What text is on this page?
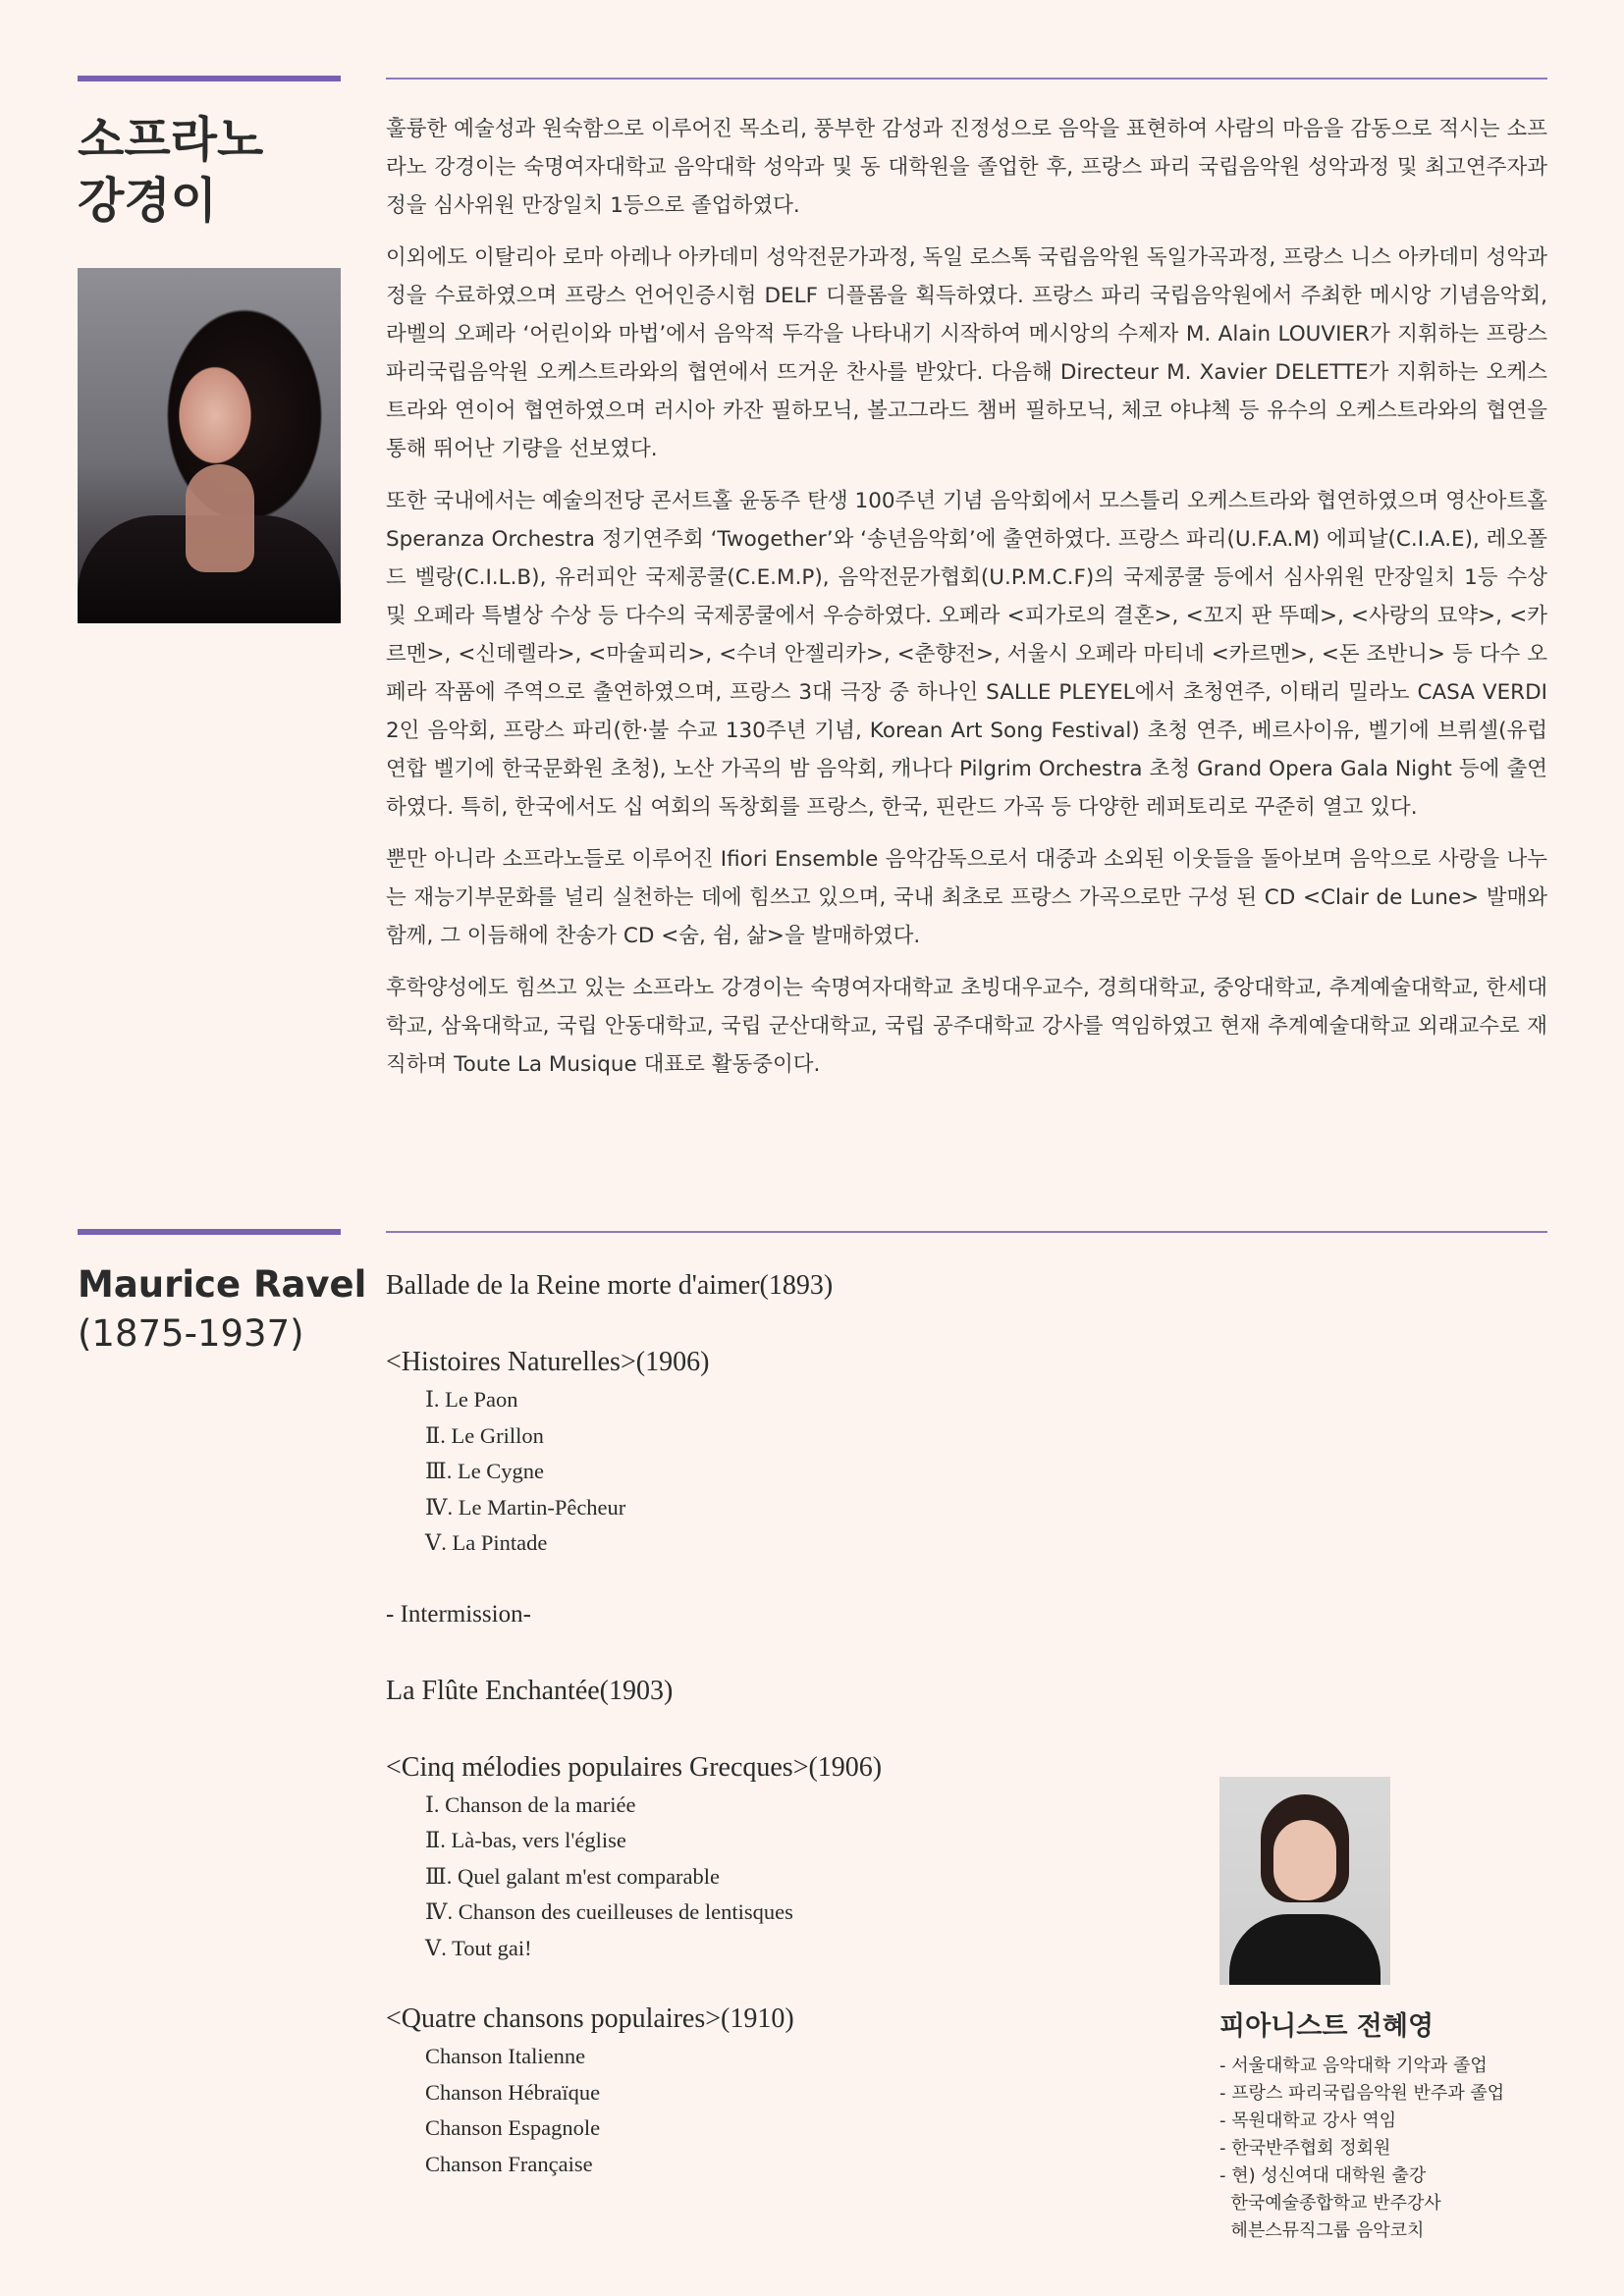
소프라노
강경이

훌륭한 예술성과 원숙함으로 이루어진 목소리, 풍부한 감성과 진정성으로 음악을 표현하여 사람의 마음을 감동으로 적시는 소프라노 강경이는 숙명여자대학교 음악대학 성악과 및 동 대학원을 졸업한 후, 프랑스 파리 국립음악원 성악과정 및 최고연주자과정을 심사위원 만장일치 1등으로 졸업하였다.

이외에도 이탈리아 로마 아레나 아카데미 성악전문가과정, 독일 로스톡 국립음악원 독일가곡과정, 프랑스 니스 아카데미 성악과정을 수료하였으며 프랑스 언어인증시험 DELF 디플롬을 획득하였다. 프랑스 파리 국립음악원에서 주최한 메시앙 기념음악회, 라벨의 오페라 ‘어린이와 마법’에서 음악적 두각을 나타내기 시작하여 메시앙의 수제자 M. Alain LOUVIER가 지휘하는 프랑스 파리국립음악원 오케스트라와의 협연에서 뜨거운 찬사를 받았다. 다음해 Directeur M. Xavier DELETTE가 지휘하는 오케스트라와 연이어 협연하였으며 러시아 카잔 필하모닉, 볼고그라드 챔버 필하모닉, 체코 야냐첵 등 유수의 오케스트라와의 협연을 통해 뛰어난 기량을 선보였다.

또한 국내에서는 예술의전당 콘서트홀 윤동주 탄생 100주년 기념 음악회에서 모스틀리 오케스트라와 협연하였으며 영산아트홀 Speranza Orchestra 정기연주회 ‘Twogether’와 ‘송년음악회’에 출연하였다. 프랑스 파리(U.F.A.M) 에피날(C.I.A.E), 레오폴드 벨랑(C.I.L.B), 유러피안 국제콩쿨(C.E.M.P), 음악전문가협회(U.P.M.C.F)의 국제콩쿨 등에서 심사위원 만장일치 1등 수상 및 오페라 특별상 수상 등 다수의 국제콩쿨에서 우승하였다. 오페라 <피가로의 결혼>, <꼬지 판 뚜떼>, <사랑의 묘약>, <카르멘>, <신데렐라>, <마술피리>, <수녀 안젤리카>, <춘향전>, 서울시 오페라 마티네 <카르멘>, <돈 조반니> 등 다수 오페라 작품에 주역으로 출연하였으며, 프랑스 3대 극장 중 하나인 SALLE PLEYEL에서 초청연주, 이태리 밀라노 CASA VERDI 2인 음악회, 프랑스 파리(한·불 수교 130주년 기념, Korean Art Song Festival) 초청 연주, 베르사이유, 벨기에 브뤼셀(유럽연합 벨기에 한국문화원 초청), 노산 가곡의 밤 음악회, 캐나다 Pilgrim Orchestra 초청 Grand Opera Gala Night 등에 출연하였다. 특히, 한국에서도 십 여회의 독창회를 프랑스, 한국, 핀란드 가곡 등 다양한 레퍼토리로 꾸준히 열고 있다.

뿐만 아니라 소프라노들로 이루어진 Ifiori Ensemble 음악감독으로서 대중과 소외된 이웃들을 돌아보며 음악으로 사랑을 나누는 재능기부문화를 널리 실천하는 데에 힘쓰고 있으며, 국내 최초로 프랑스 가곡으로만 구성 된 CD <Clair de Lune> 발매와 함께, 그 이듬해에 찬송가 CD <숨, 쉼, 삶>을 발매하였다.

후학양성에도 힘쓰고 있는 소프라노 강경이는 숙명여자대학교 초빙대우교수, 경희대학교, 중앙대학교, 추계예술대학교, 한세대학교, 삼육대학교, 국립 안동대학교, 국립 군산대학교, 국립 공주대학교 강사를 역임하였고 현재 추계예술대학교 외래교수로 재직하며 Toute La Musique 대표로 활동중이다.

Maurice Ravel
(1875-1937)

Ballade de la Reine morte d'aimer(1893)

<Histoires Naturelles>(1906)

Ⅰ. Le Paon

Ⅱ. Le Grillon

Ⅲ. Le Cygne

Ⅳ. Le Martin-Pêcheur

Ⅴ. La Pintade

- Intermission-

La Flûte Enchantée(1903)

<Cinq mélodies populaires Grecques>(1906)

Ⅰ. Chanson de la mariée

Ⅱ. Là-bas, vers l'église

Ⅲ. Quel galant m'est comparable

Ⅳ. Chanson des cueilleuses de lentisques

Ⅴ. Tout gai!

<Quatre chansons populaires>(1910)

Chanson Italienne

Chanson Hébraïque

Chanson Espagnole

Chanson Française

피아니스트 전혜영

- 서울대학교 음악대학 기악과 졸업
- 프랑스 파리국립음악원 반주과 졸업
- 목원대학교 강사 역임
- 한국반주협회 정회원
- 현) 성신여대 대학원 출강
한국예술종합학교 반주강사
헤븐스뮤직그룹 음악코치
